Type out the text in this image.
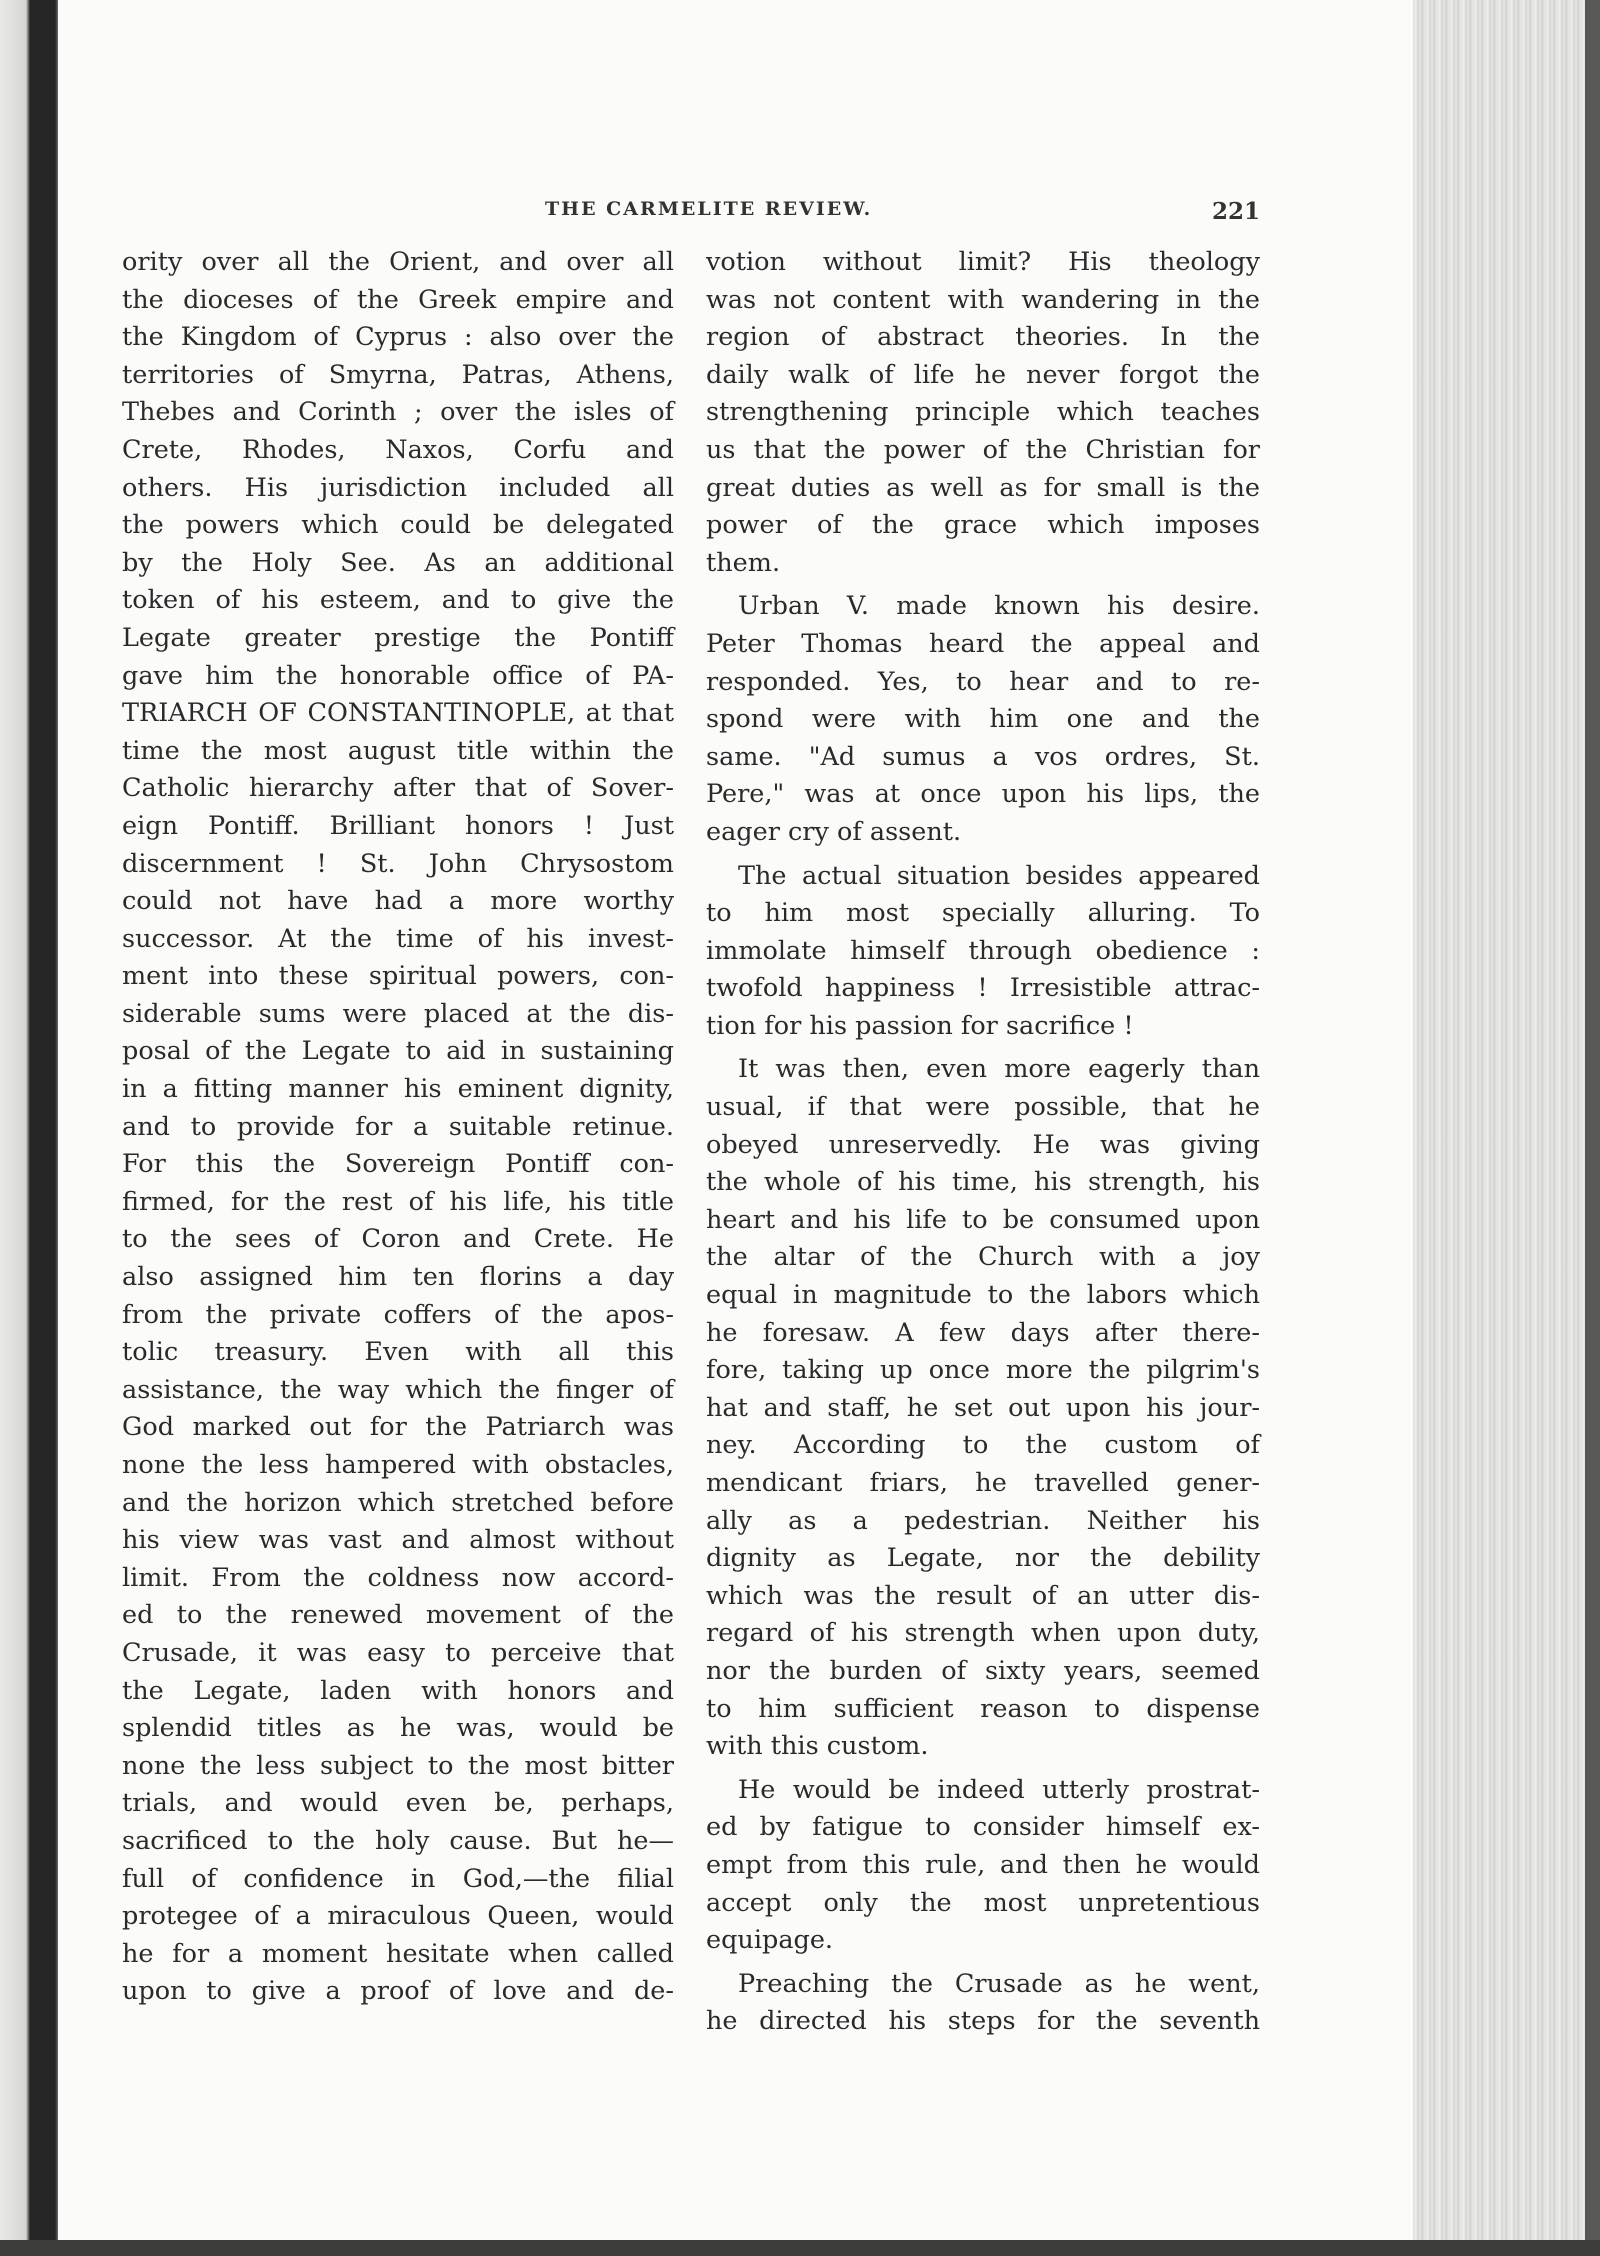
THE CARMELITE REVIEW.	221
ority over all the Orient, and over all
the dioceses of the Greek empire and
the Kingdom of Cyprus : also over the
territories of Smyrna, Patras, Athens,
Thebes and Corinth ; over the isles of
Crete, Rhodes, Naxos, Corfu and
others. His jurisdiction included all
the powers which could be delegated
by the Holy See. As an additional
token of his esteem, and to give the
Legate greater prestige the Pontiff
gave him the honorable office of PA-
TRIARCH OF CONSTANTINOPLE, at that
time the most august title within the
Catholic hierarchy after that of Sover-
eign Pontiff. Brilliant honors ! Just
discernment ! St. John Chrysostom
could not have had a more worthy
successor. At the time of his invest-
ment into these spiritual powers, con-
siderable sums were placed at the dis-
posal of the Legate to aid in sustaining
in a fitting manner his eminent dignity,
and to provide for a suitable retinue.
For this the Sovereign Pontiff con-
firmed, for the rest of his life, his title
to the sees of Coron and Crete. He
also assigned him ten florins a day
from the private coffers of the apos-
tolic treasury. Even with all this
assistance, the way which the finger of
God marked out for the Patriarch was
none the less hampered with obstacles,
and the horizon which stretched before
his view was vast and almost without
limit. From the coldness now accord-
ed to the renewed movement of the
Crusade, it was easy to perceive that
the Legate, laden with honors and
splendid titles as he was, would be
none the less subject to the most bitter
trials, and would even be, perhaps,
sacrificed to the holy cause. But he—
full of confidence in God,—the filial
protegee of a miraculous Queen, would
he for a moment hesitate when called
upon to give a proof of love and de-
votion without limit? His theology
was not content with wandering in the
region of abstract theories. In the
daily walk of life he never forgot the
strengthening principle which teaches
us that the power of the Christian for
great duties as well as for small is the
power of the grace which imposes
them.
Urban V. made known his desire.
Peter Thomas heard the appeal and
responded. Yes, to hear and to re-
spond were with him one and the
same. "Ad sumus a vos ordres, St.
Pere," was at once upon his lips, the
eager cry of assent.
The actual situation besides appeared
to him most specially alluring. To
immolate himself through obedience :
twofold happiness ! Irresistible attrac-
tion for his passion for sacrifice !
It was then, even more eagerly than
usual, if that were possible, that he
obeyed unreservedly. He was giving
the whole of his time, his strength, his
heart and his life to be consumed upon
the altar of the Church with a joy
equal in magnitude to the labors which
he foresaw. A few days after there-
fore, taking up once more the pilgrim's
hat and staff, he set out upon his jour-
ney. According to the custom of
mendicant friars, he travelled gener-
ally as a pedestrian. Neither his
dignity as Legate, nor the debility
which was the result of an utter dis-
regard of his strength when upon duty,
nor the burden of sixty years, seemed
to him sufficient reason to dispense
with this custom.
He would be indeed utterly prostrat-
ed by fatigue to consider himself ex-
empt from this rule, and then he would
accept only the most unpretentious
equipage.
Preaching the Crusade as he went,
he directed his steps for the seventh
